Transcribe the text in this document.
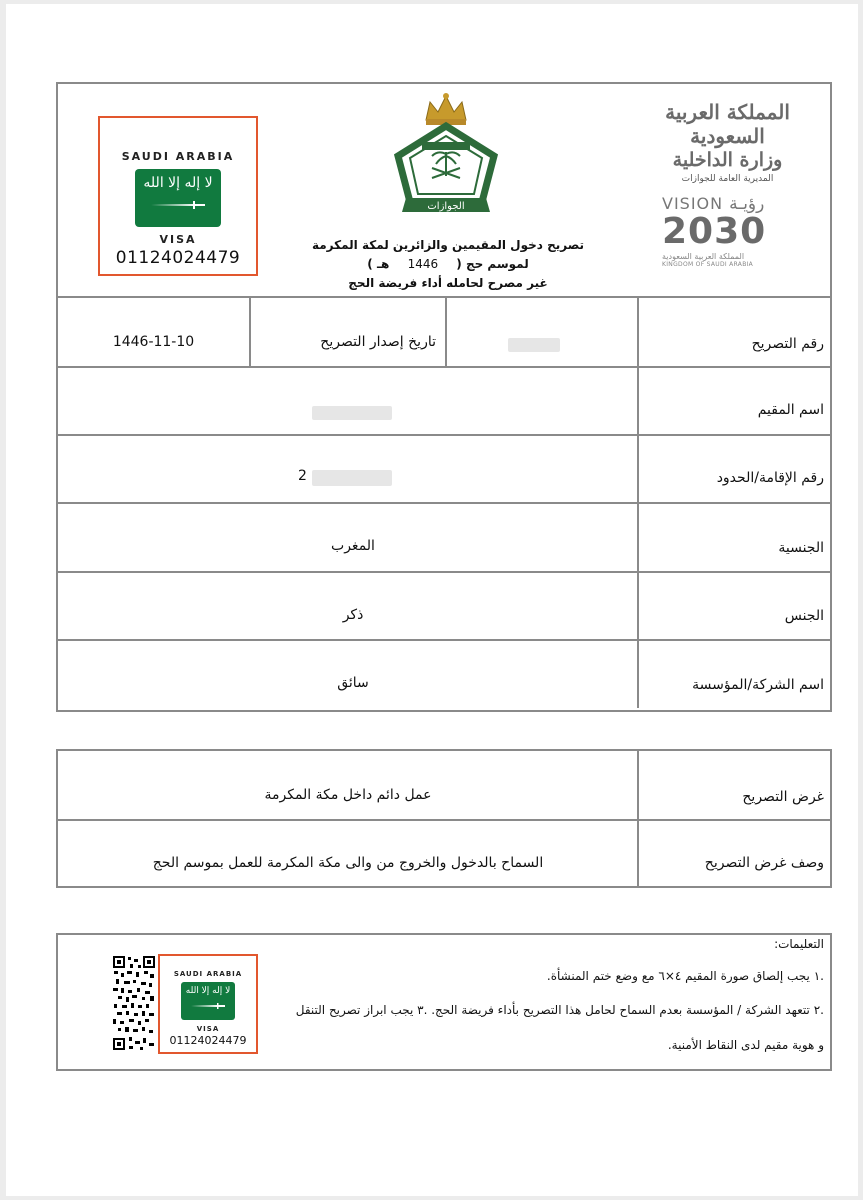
SAUDI ARABIA
لا إله إلا الله
VISA
01124024479
الجوازات
تصريح دخول المقيمين والزائرين لمكة المكرمة
لموسم حج ( 1446 هـ )
غير مصرح لحامله أداء فريضة الحج
المملكة العربية السعودية
وزارة الداخلية
المديرية العامة للجوازات
VISION رؤيـة
2030
المملكة العربية السعودية
KINGDOM OF SAUDI ARABIA
رقم التصريح
تاريخ إصدار التصريح
1446-11-10
اسم المقيم
رقم الإقامة/الحدود
2
الجنسية
المغرب
الجنس
ذكر
اسم الشركة/المؤسسة
سائق
غرض التصريح
عمل دائم داخل مكة المكرمة
وصف غرض التصريح
السماح بالدخول والخروج من والى مكة المكرمة للعمل بموسم الحج
التعليمات:
.١ يجب إلصاق صورة المقيم ٤×٦ مع وضع ختم المنشأة.
.٢ تتعهد الشركة / المؤسسة بعدم السماح لحامل هذا التصريح بأداء فريضة الحج. .٣ يجب ابراز تصريح التنقل
و هوية مقيم لدى النقاط الأمنية.
SAUDI ARABIA
لا إله إلا الله
VISA
01124024479
